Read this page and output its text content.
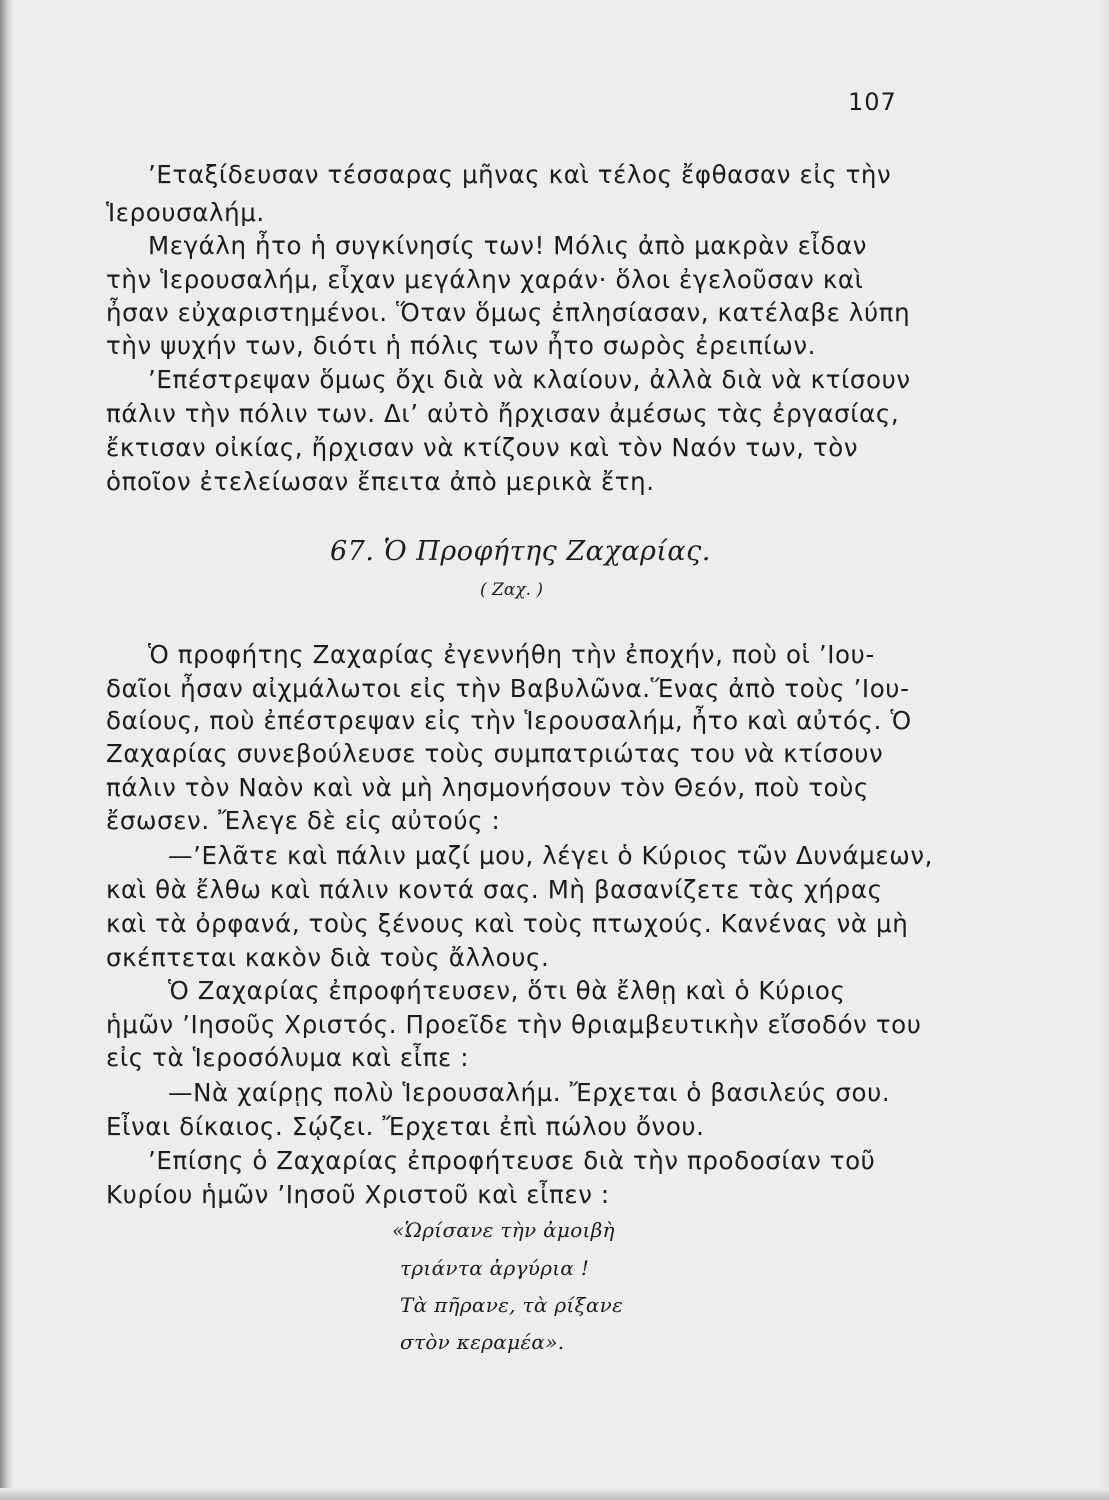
107
’Εταξίδευσαν τέσσαρας μῆνας καὶ τέλος ἔφθασαν εἰς τὴν
Ἱερουσαλήμ.
Μεγάλη ἦτο ἡ συγκίνησίς των! Μόλις ἀπὸ μακρὰν εἶδαν
τὴν Ἱερουσαλήμ, εἶχαν μεγάλην χαράν· ὅλοι ἐγελοῦσαν καὶ
ἦσαν εὐχαριστημένοι. Ὅταν ὅμως ἐπλησίασαν, κατέλαβε λύπη
τὴν ψυχήν των, διότι ἡ πόλις των ἦτο σωρὸς ἐρειπίων.
’Επέστρεψαν ὅμως ὄχι διὰ νὰ κλαίουν, ἀλλὰ διὰ νὰ κτίσουν
πάλιν τὴν πόλιν των. Δι’ αὐτὸ ἤρχισαν ἀμέσως τὰς ἐργασίας,
ἔκτισαν οἰκίας, ἤρχισαν νὰ κτίζουν καὶ τὸν Ναόν των, τὸν
ὁποῖον ἐτελείωσαν ἔπειτα ἀπὸ μερικὰ ἔτη.
67. Ὁ Προφήτης Ζαχαρίας.
( Ζαχ. )
Ὁ προφήτης Ζαχαρίας ἐγεννήθη τὴν ἐποχήν, ποὺ οἱ ’Ιου-
δαῖοι ἦσαν αἰχμάλωτοι εἰς τὴν Βαβυλῶνα.Ἕνας ἀπὸ τοὺς ’Ιου-
δαίους, ποὺ ἐπέστρεψαν εἰς τὴν Ἱερουσαλήμ, ἦτο καὶ αὐτός. Ὁ
Ζαχαρίας συνεβούλευσε τοὺς συμπατριώτας του νὰ κτίσουν
πάλιν τὸν Ναὸν καὶ νὰ μὴ λησμονήσουν τὸν Θεόν, ποὺ τοὺς
ἔσωσεν. Ἔλεγε δὲ εἰς αὐτούς :
—’Ελᾶτε καὶ πάλιν μαζί μου, λέγει ὁ Κύριος τῶν Δυνάμεων,
καὶ θὰ ἔλθω καὶ πάλιν κοντά σας. Μὴ βασανίζετε τὰς χήρας
καὶ τὰ ὀρφανά, τοὺς ξένους καὶ τοὺς πτωχούς. Κανένας νὰ μὴ
σκέπτεται κακὸν διὰ τοὺς ἄλλους.
Ὁ Ζαχαρίας ἐπροφήτευσεν, ὅτι θὰ ἔλθῃ καὶ ὁ Κύριος
ἡμῶν ’Ιησοῦς Χριστός. Προεῖδε τὴν θριαμβευτικὴν εἴσοδόν του
εἰς τὰ Ἱεροσόλυμα καὶ εἶπε :
—Νὰ χαίρῃς πολὺ Ἱερουσαλήμ. Ἔρχεται ὁ βασιλεύς σου.
Εἶναι δίκαιος. Σῴζει. Ἔρχεται ἐπὶ πώλου ὄνου.
’Επίσης ὁ Ζαχαρίας ἐπροφήτευσε διὰ τὴν προδοσίαν τοῦ
Κυρίου ἡμῶν ’Ιησοῦ Χριστοῦ καὶ εἶπεν :
«Ὡρίσανε τὴν ἀμοιβὴ
τριάντα ἀργύρια !
Τὰ πῆρανε, τὰ ρίξανε
στὸν κεραμέα».
